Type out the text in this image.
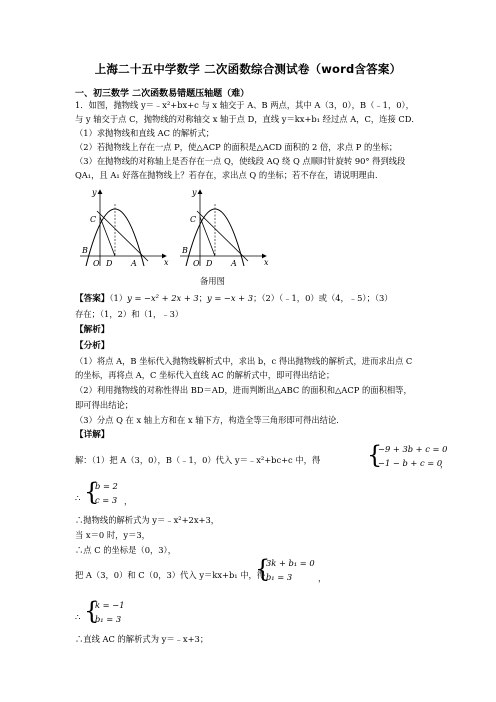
上海二十五中学数学 二次函数综合测试卷（word含答案）
一、初三数学 二次函数易错题压轴题（难）
1．如图，抛物线 y＝﹣x²+bx+c 与 x 轴交于 A、B 两点，其中 A（3，0），B（﹣1，0），
与 y 轴交于点 C，抛物线的对称轴交 x 轴于点 D，直线 y＝kx+b₁ 经过点 A，C，连接 CD．
（1）求抛物线和直线 AC 的解析式；
（2）若抛物线上存在一点 P，使△ACP 的面积是△ACD 面积的 2 倍，求点 P 的坐标；
（3）在抛物线的对称轴上是否存在一点 Q，使线段 AQ 绕 Q 点顺时针旋转 90° 得到线段
QA₁，且 A₁ 好落在抛物线上？若存在，求出点 Q 的坐标；若不存在，请说明理由．
y
x
C
B
O D A
y
x
C
B
O D A
备用图
【答案】（1）y = −x² + 2x + 3；y = −x + 3；（2）（﹣1，0）或（4，﹣5）；（3）
存在；（1，2）和（1，﹣3）
【解析】
【分析】
（1）将点 A，B 坐标代入抛物线解析式中，求出 b，c 得出抛物线的解析式，进而求出点 C
的坐标，再将点 A，C 坐标代入直线 AC 的解析式中，即可得出结论；
（2）利用抛物线的对称性得出 BD＝AD，进而判断出△ABC 的面积和△ACP 的面积相等，
即可得出结论；
（3）分点 Q 在 x 轴上方和在 x 轴下方，构造全等三角形即可得出结论．
【详解】
解：（1）把 A（3，0），B（﹣1，0）代入 y＝﹣x²+bc+c 中，得	{
−9 + 3b + c = 0
−1 − b + c = 0
，
∴ {
b = 2
c = 3 ，
∴抛物线的解析式为 y＝﹣x²+2x+3，
当 x＝0 时，y＝3，
∴点 C 的坐标是（0，3），
把 A（3，0）和 C（0，3）代入 y＝kx+b₁ 中，得
{
3k + b₁ = 0
b₁ = 3	，
∴ {
k = −1
b₁ = 3
∴直线 AC 的解析式为 y＝﹣x+3；
